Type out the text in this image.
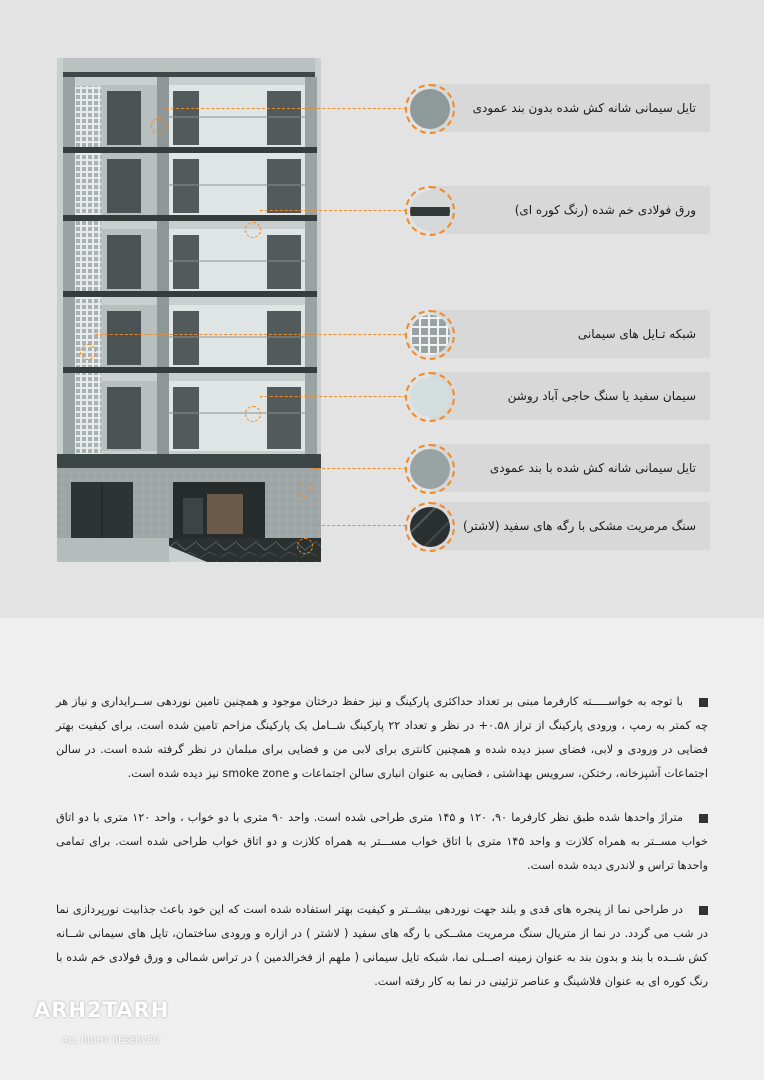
تایل سیمانی شانه کش شده بدون بند عمودی
ورق فولادی خم شده (رنگ کوره ای)
شبکه تـایل های سیمانی
سیمان سفید یا سنگ حاجی آباد روشن
تایل سیمانی شانه کش شده با بند عمودی
سنگ مرمریت مشکی با رگه های سفید (لاشتر)

با توجه به خواســـــته کارفرما مبنی بر تعداد حداکثری پارکینگ و نیز حفظ درختان موجود و همچنین تامین نوردهی ســرایداری و نیاز هر چه کمتر به رمپ ، ورودی پارکینگ از تراز ۰.۵۸+ در نظر و تعداد ۲۲ پارکینگ شــامل یک پارکینگ مزاحم تامین شده است. برای کیفیت بهتر فضایی در ورودی و لابی، فضای سبز دیده شده و همچنین کانتری برای لابی من و فضایی برای مبلمان در نظر گرفته شده است. در سالن اجتماعات آشپزخانه، رختکن، سرویس بهداشتی ، فضایی به عنوان انباری سالن اجتماعات و smoke zone نیز دیده شده است.

متراژ واحدها شده طبق نظر کارفرما ۹۰، ۱۲۰ و ۱۴۵ متری طراحی شده است. واحد ۹۰ متری با دو خواب ، واحد ۱۲۰ متری با دو اتاق خواب مســتر به همراه کلازت و واحد ۱۴۵ متری با اتاق خواب مســـتر به همراه کلازت و دو اتاق خواب طراحی شده است. برای تمامی واحدها تراس و لاندری دیده شده است.

در طراحی نما از پنجره های قدی و بلند جهت نوردهی بیشــتر و کیفیت بهتر استفاده شده است که این خود باعث جذابیت نورپردازی نما در شب می گردد. در نما از متریال سنگ مرمریت مشــکی با رگه های سفید ( لاشتر ) در ازاره و ورودی ساختمان، تایل های سیمانی شــانه کش شــده با بند و بدون بند به عنوان زمینه اصــلی نما، شبکه تایل سیمانی ( ملهم از فخرالدمین ) در تراس شمالی و ورق فولادی خم شده با رنگ کوره ای به عنوان فلاشینگ و عناصر تزئینی در نما به کار رفته است.

ARH2TARH
ALL RIGHT RESERVED
